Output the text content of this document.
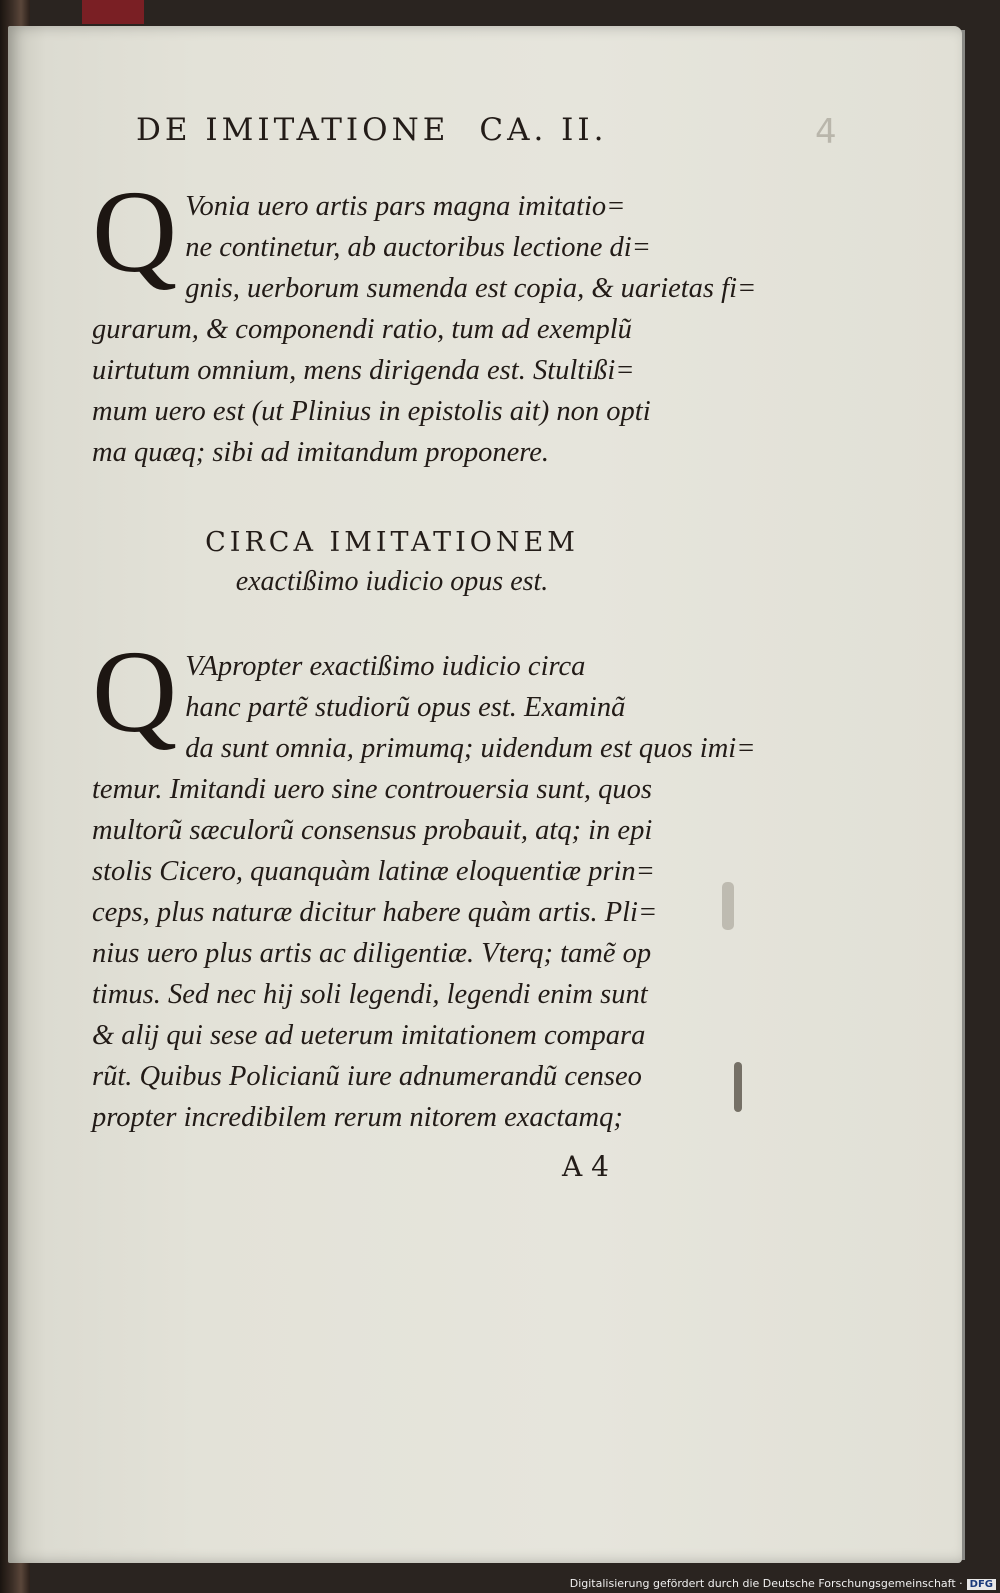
4
DE IMITATIONE CA. II.
Q Vonia uero artis pars magna imitatio=
ne continetur, ab auctoribus lectione di=
gnis, uerborum sumenda est copia, & uarietas fi=
gurarum, & componendi ratio, tum ad exemplũ
uirtutum omnium, mens dirigenda est. Stultißi=
mum uero est (ut Plinius in epistolis ait) non opti
ma quæq; sibi ad imitandum proponere.
CIRCA IMITATIONEM
exactißimo iudicio opus est.
Q VApropter exactißimo iudicio circa
hanc partẽ studiorũ opus est. Examinã
da sunt omnia, primumq; uidendum est quos imi=
temur. Imitandi uero sine controuersia sunt, quos
multorũ sæculorũ consensus probauit, atq; in epi
stolis Cicero, quanquàm latinæ eloquentiæ prin=
ceps, plus naturæ dicitur habere quàm artis. Pli=
nius uero plus artis ac diligentiæ. Vterq; tamẽ op
timus. Sed nec hij soli legendi, legendi enim sunt
& alij qui sese ad ueterum imitationem compara
rũt. Quibus Policianũ iure adnumerandũ censeo
propter incredibilem rerum nitorem exactamq;
A 4
Digitalisierung gefördert durch die Deutsche Forschungsgemeinschaft · DFG
